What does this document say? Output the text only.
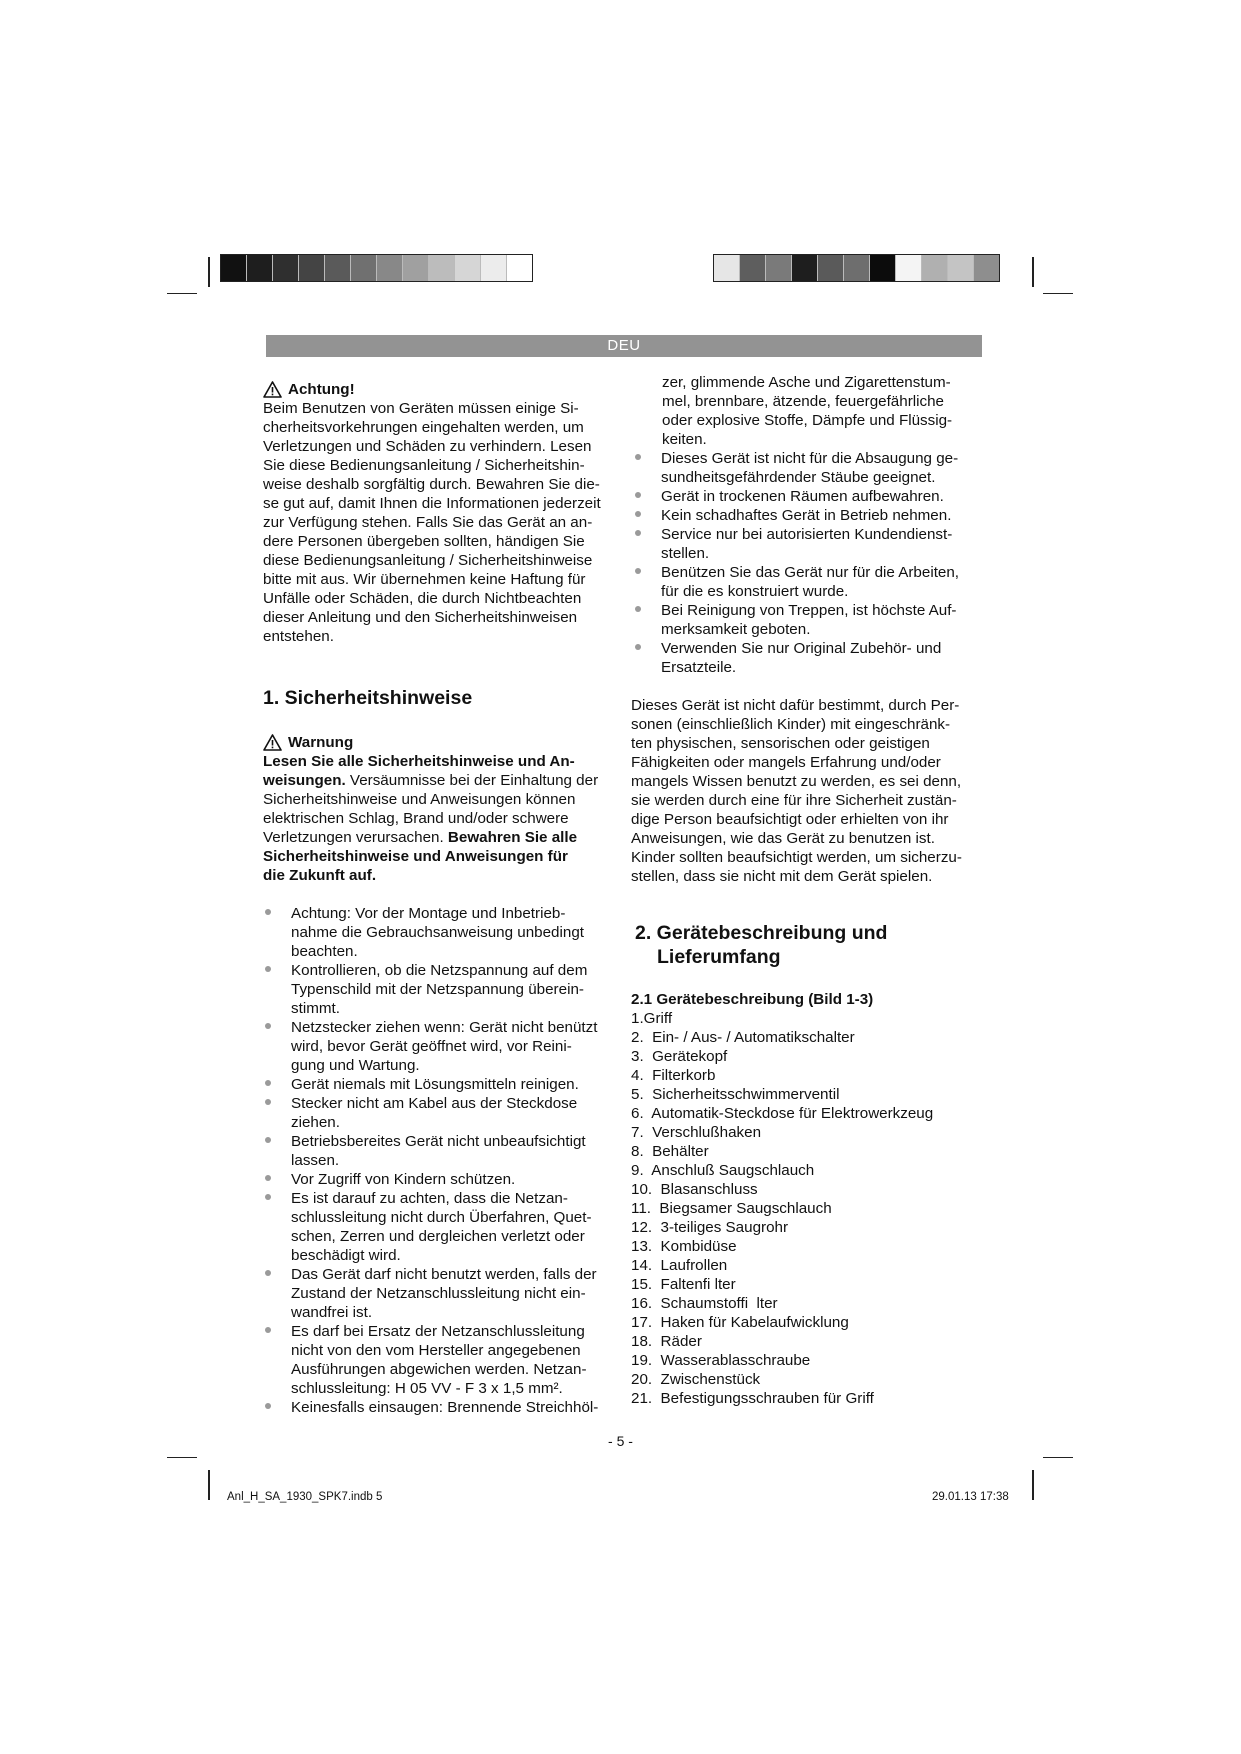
DEU
Achtung!

Beim Benutzen von Geräten müssen einige Si-

cherheitsvorkehrungen eingehalten werden, um

Verletzungen und Schäden zu verhindern. Lesen

Sie diese Bedienungsanleitung / Sicherheitshin-

weise deshalb sorgfältig durch. Bewahren Sie die-

se gut auf, damit Ihnen die Informationen jederzeit

zur Verfügung stehen. Falls Sie das Gerät an an-

dere Personen übergeben sollten, händigen Sie

diese Bedienungsanleitung / Sicherheitshinweise

bitte mit aus. Wir übernehmen keine Haftung für

Unfälle oder Schäden, die durch Nichtbeachten

dieser Anleitung und den Sicherheitshinweisen

entstehen.

1. Sicherheitshinweise
Warnung

Lesen Sie alle Sicherheitshinweise und An-

weisungen. Versäumnisse bei der Einhaltung der

Sicherheitshinweise und Anweisungen können

elektrischen Schlag, Brand und/oder schwere

Verletzungen verursachen. Bewahren Sie alle

Sicherheitshinweise und Anweisungen für

die Zukunft auf.

Achtung: Vor der Montage und Inbetrieb-
nahme die Gebrauchsanweisung unbedingt
beachten.
Kontrollieren, ob die Netzspannung auf dem
Typenschild mit der Netzspannung überein-
stimmt.
Netzstecker ziehen wenn: Gerät nicht benützt
wird, bevor Gerät geöffnet wird, vor Reini-
gung und Wartung.
Gerät niemals mit Lösungsmitteln reinigen.
Stecker nicht am Kabel aus der Steckdose
ziehen.
Betriebsbereites Gerät nicht unbeaufsichtigt
lassen.
Vor Zugriff von Kindern schützen.
Es ist darauf zu achten, dass die Netzan-
schlussleitung nicht durch Überfahren, Quet-
schen, Zerren und dergleichen verletzt oder
beschädigt wird.
Das Gerät darf nicht benutzt werden, falls der
Zustand der Netzanschlussleitung nicht ein-
wandfrei ist.
Es darf bei Ersatz der Netzanschlussleitung
nicht von den vom Hersteller angegebenen
Ausführungen abgewichen werden. Netzan-
schlussleitung: H 05 VV - F 3 x 1,5 mm².
Keinesfalls einsaugen: Brennende Streichhöl-

zer, glimmende Asche und Zigarettenstum-

mel, brennbare, ätzende, feuergefährliche

oder explosive Stoffe, Dämpfe und Flüssig-

keiten.

Dieses Gerät ist nicht für die Absaugung ge-
sundheitsgefährdender Stäube geeignet.
Gerät in trockenen Räumen aufbewahren.
Kein schadhaftes Gerät in Betrieb nehmen.
Service nur bei autorisierten Kundendienst-
stellen.
Benützen Sie das Gerät nur für die Arbeiten,
für die es konstruiert wurde.
Bei Reinigung von Treppen, ist höchste Auf-
merksamkeit geboten.
Verwenden Sie nur Original Zubehör- und
Ersatzteile.

Dieses Gerät ist nicht dafür bestimmt, durch Per-

sonen (einschließlich Kinder) mit eingeschränk-

ten physischen, sensorischen oder geistigen

Fähigkeiten oder mangels Erfahrung und/oder

mangels Wissen benutzt zu werden, es sei denn,

sie werden durch eine für ihre Sicherheit zustän-

dige Person beaufsichtigt oder erhielten von ihr

Anweisungen, wie das Gerät zu benutzen ist.

Kinder sollten beaufsichtigt werden, um sicherzu-

stellen, dass sie nicht mit dem Gerät spielen.

2. Gerätebeschreibung und
Lieferumfang
2.1 Gerätebeschreibung (Bild 1-3)
1.Griff
2.  Ein- / Aus- / Automatikschalter
3.  Gerätekopf
4.  Filterkorb
5.  Sicherheitsschwimmerventil
6.  Automatik-Steckdose für Elektrowerkzeug
7.  Verschlußhaken
8.  Behälter
9.  Anschluß Saugschlauch
10.  Blasanschluss
11.  Biegsamer Saugschlauch
12.  3-teiliges Saugrohr
13.  Kombidüse
14.  Laufrollen
15.  Faltenfi lter
16.  Schaumstoffi  lter
17.  Haken für Kabelaufwicklung
18.  Räder
19.  Wasserablasschraube
20.  Zwischenstück
21.  Befestigungsschrauben für Griff
- 5 -
Anl_H_SA_1930_SPK7.indb 5	29.01.13 17:38
